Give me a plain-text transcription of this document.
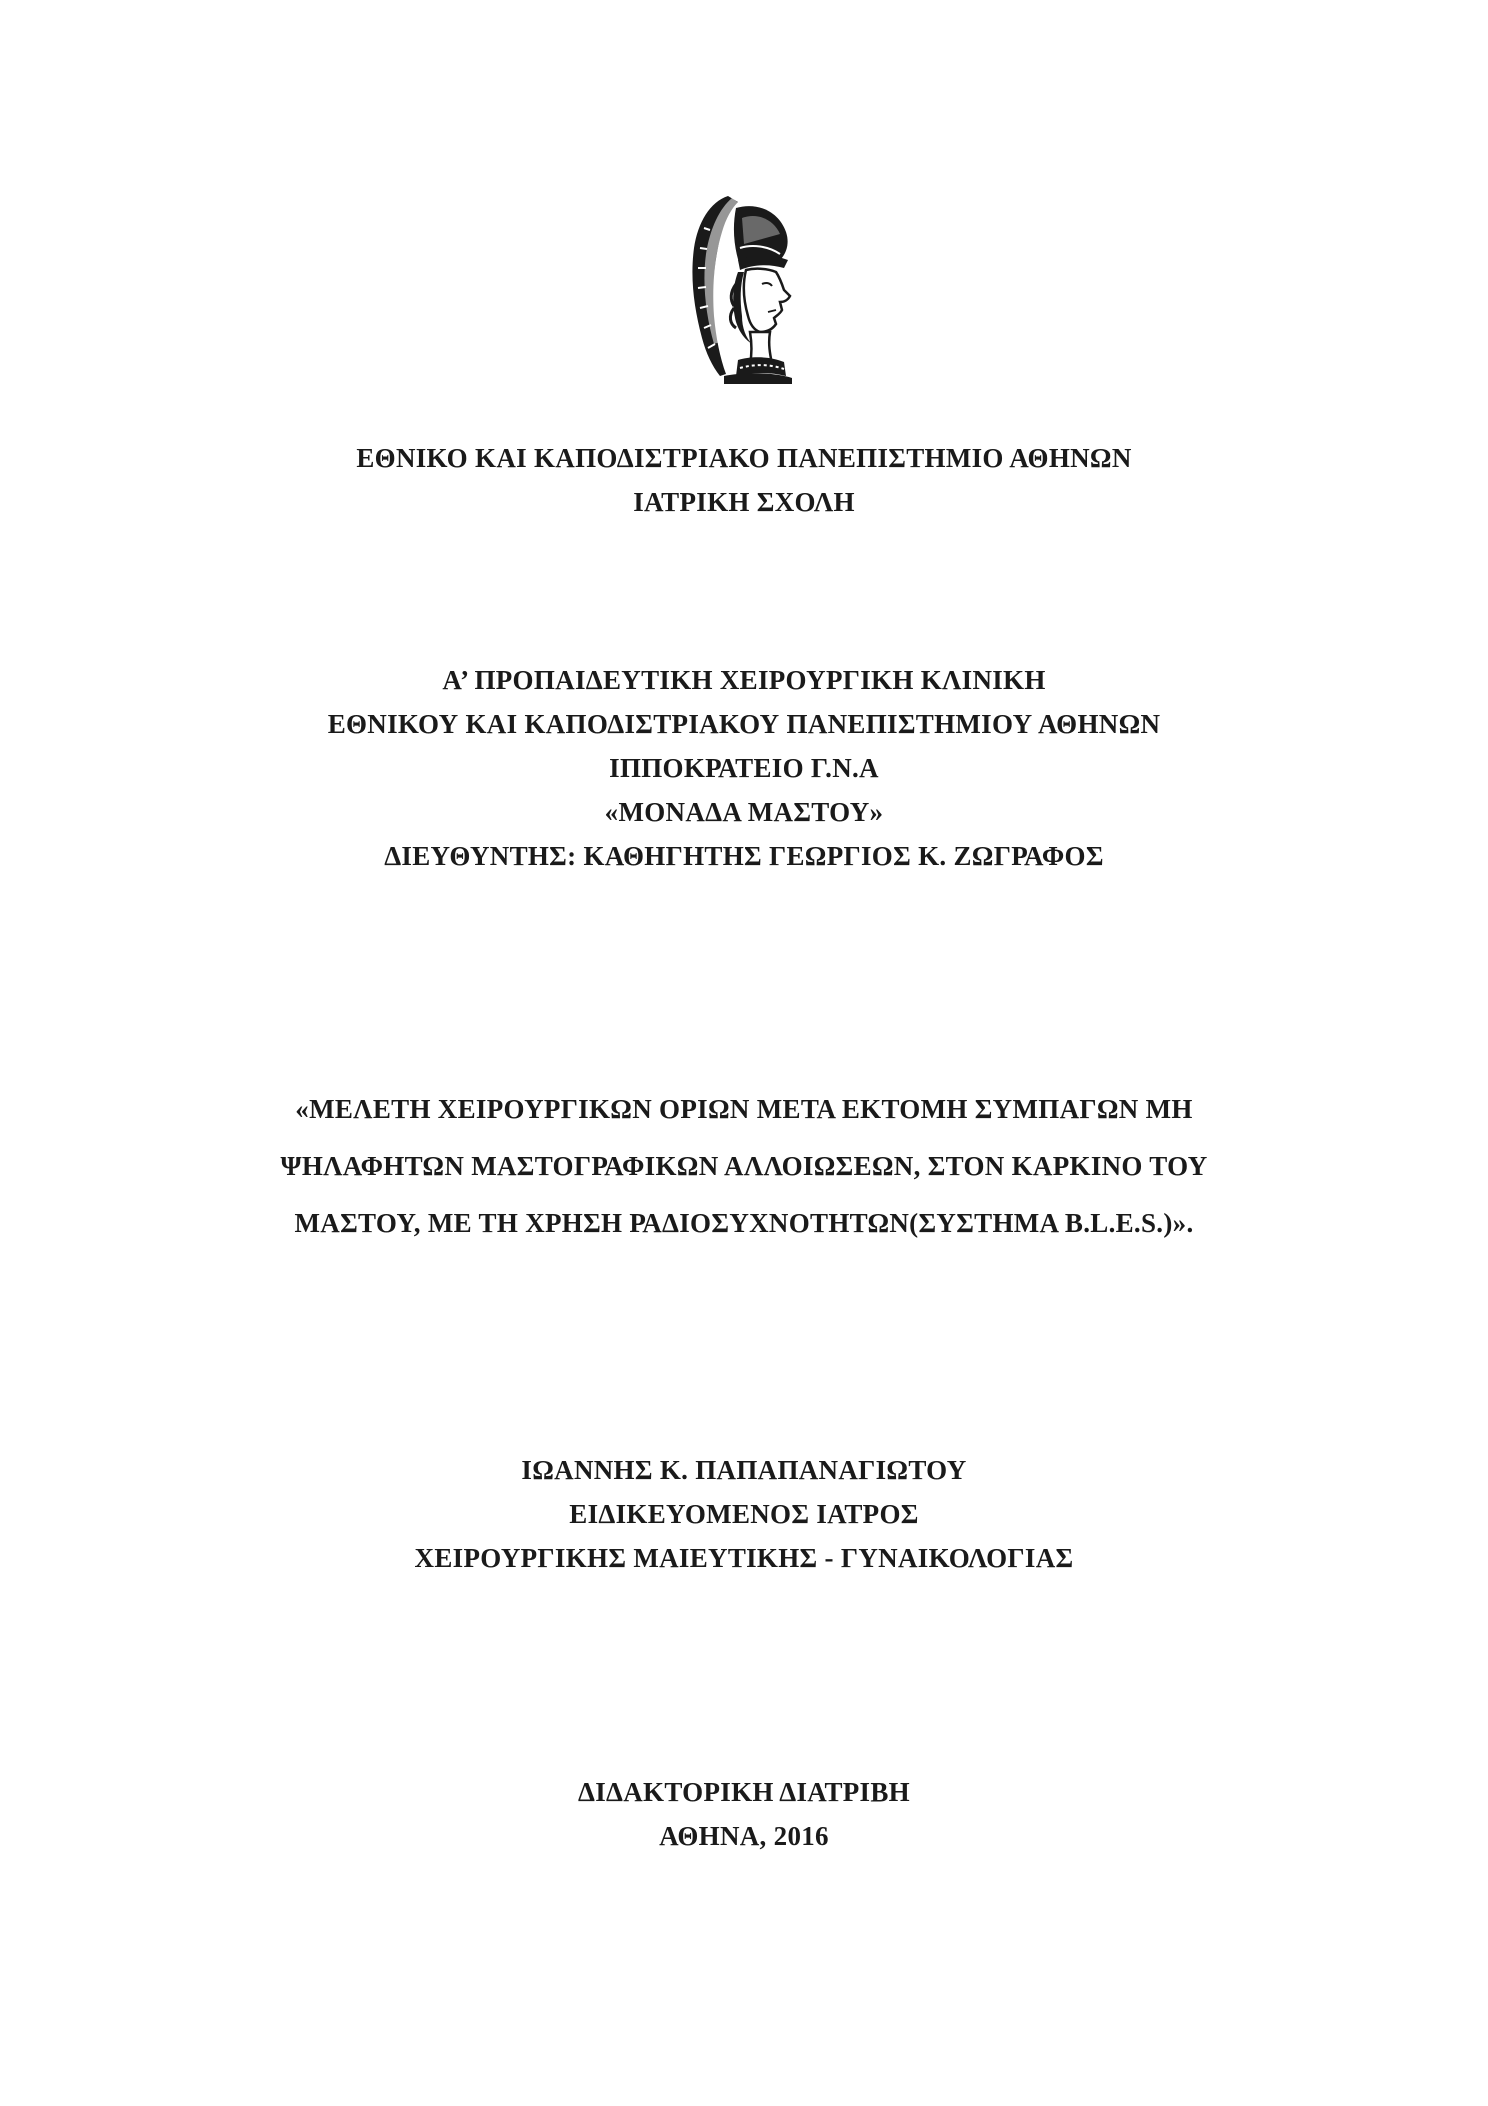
ΕΘΝΙΚΟ ΚΑΙ ΚΑΠΟΔΙΣΤΡΙΑΚΟ ΠΑΝΕΠΙΣΤΗΜΙΟ ΑΘΗΝΩΝ
ΙΑΤΡΙΚΗ ΣΧΟΛΗ
Α’ ΠΡΟΠΑΙΔΕΥΤΙΚΗ ΧΕΙΡΟΥΡΓΙΚΗ ΚΛΙΝΙΚΗ
ΕΘΝΙΚΟΥ ΚΑΙ ΚΑΠΟΔΙΣΤΡΙΑΚΟΥ ΠΑΝΕΠΙΣΤΗΜΙΟΥ ΑΘΗΝΩΝ
ΙΠΠΟΚΡΑΤΕΙΟ Γ.Ν.Α
«ΜΟΝΑΔΑ ΜΑΣΤΟΥ»
ΔΙΕΥΘΥΝΤΗΣ: ΚΑΘΗΓΗΤΗΣ ΓΕΩΡΓΙΟΣ Κ. ΖΩΓΡΑΦΟΣ
«ΜΕΛΕΤΗ ΧΕΙΡΟΥΡΓΙΚΩΝ ΟΡΙΩΝ ΜΕΤΑ ΕΚΤΟΜΗ ΣΥΜΠΑΓΩΝ ΜΗ
ΨΗΛΑΦΗΤΩΝ ΜΑΣΤΟΓΡΑΦΙΚΩΝ ΑΛΛΟΙΩΣΕΩΝ, ΣΤΟΝ ΚΑΡΚΙΝΟ ΤΟΥ
ΜΑΣΤΟΥ, ΜΕ ΤΗ ΧΡΗΣΗ ΡΑΔΙΟΣΥΧΝΟΤΗΤΩΝ(ΣΥΣΤΗΜΑ B.L.E.S.)».
ΙΩΑΝΝΗΣ Κ. ΠΑΠΑΠΑΝΑΓΙΩΤΟΥ
ΕΙΔΙΚΕΥΟΜΕΝΟΣ ΙΑΤΡΟΣ
ΧΕΙΡΟΥΡΓΙΚΗΣ ΜΑΙΕΥΤΙΚΗΣ - ΓΥΝΑΙΚΟΛΟΓΙΑΣ
ΔΙΔΑΚΤΟΡΙΚΗ ΔΙΑΤΡΙΒΗ
ΑΘΗΝΑ, 2016
